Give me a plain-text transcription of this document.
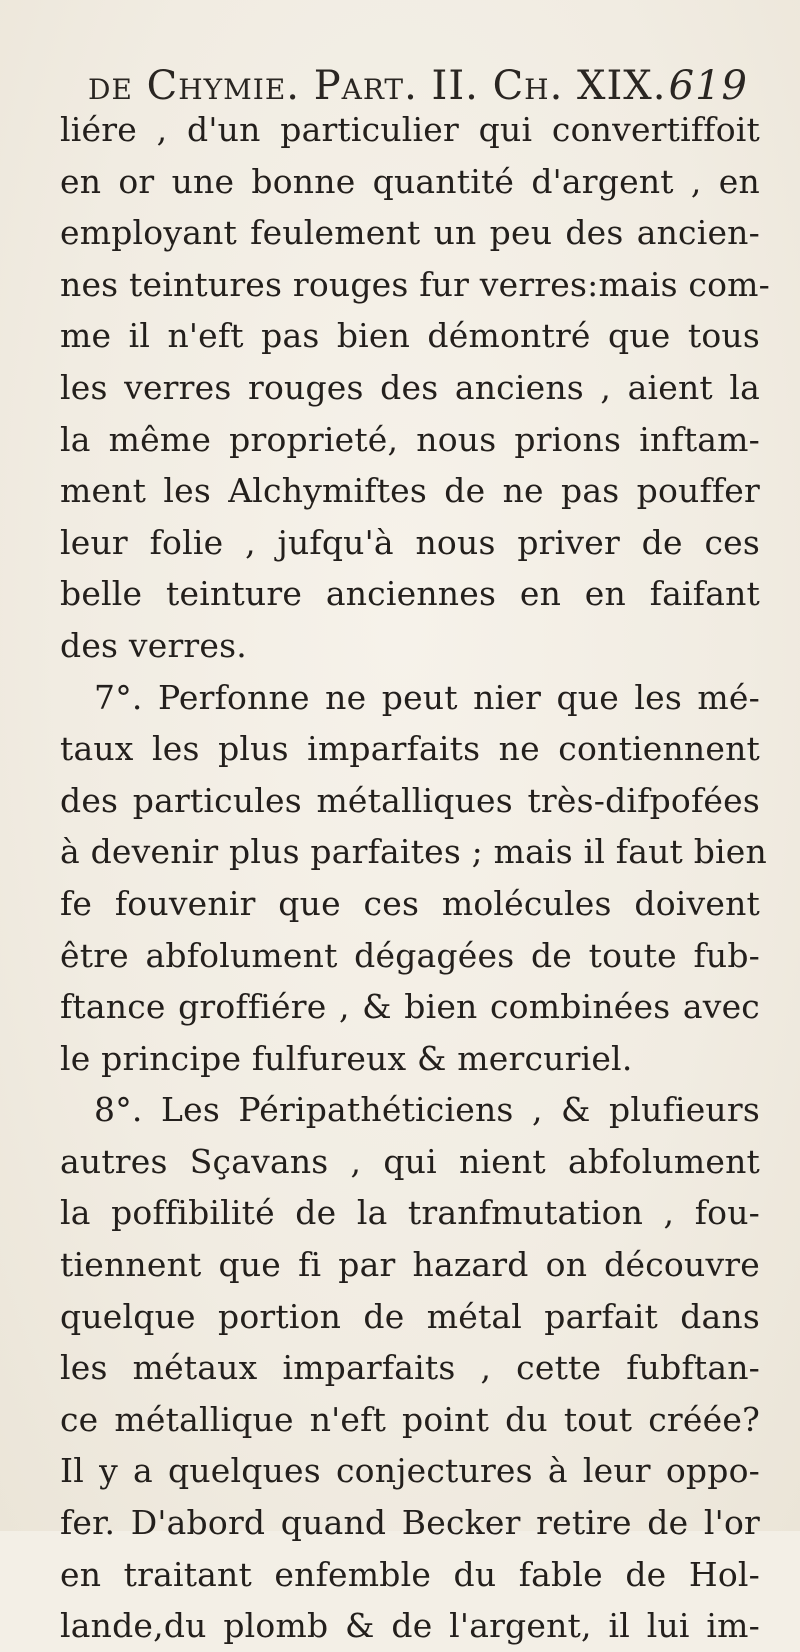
de Chymie. Part. II. Ch. XIX. 619
liére , d'un particulier qui convertiffoit
en or une bonne quantité d'argent , en
employant feulement un peu des ancien-
nes teintures rouges fur verres:mais com-
me il n'eft pas bien démontré que tous
les verres rouges des anciens , aient la
la même proprieté, nous prions inftam-
ment les Alchymiftes de ne pas pouffer
leur folie , jufqu'à nous priver de ces
belle teinture anciennes en en faifant
des verres.
7°. Perfonne ne peut nier que les mé-
taux les plus imparfaits ne contiennent
des particules métalliques très-difpofées
à devenir plus parfaites ; mais il faut bien
fe fouvenir que ces molécules doivent
être abfolument dégagées de toute fub-
ftance groffiére , & bien combinées avec
le principe fulfureux & mercuriel.
8°. Les Péripathéticiens , & plufieurs
autres Sçavans , qui nient abfolument
la poffibilité de la tranfmutation , fou-
tiennent que fi par hazard on découvre
quelque portion de métal parfait dans
les métaux imparfaits , cette fubftan-
ce métallique n'eft point du tout créée?
Il y a quelques conjectures à leur oppo-
fer. D'abord quand Becker retire de l'or
en traitant enfemble du fable de Hol-
lande,du plomb & de l'argent, il lui im-
